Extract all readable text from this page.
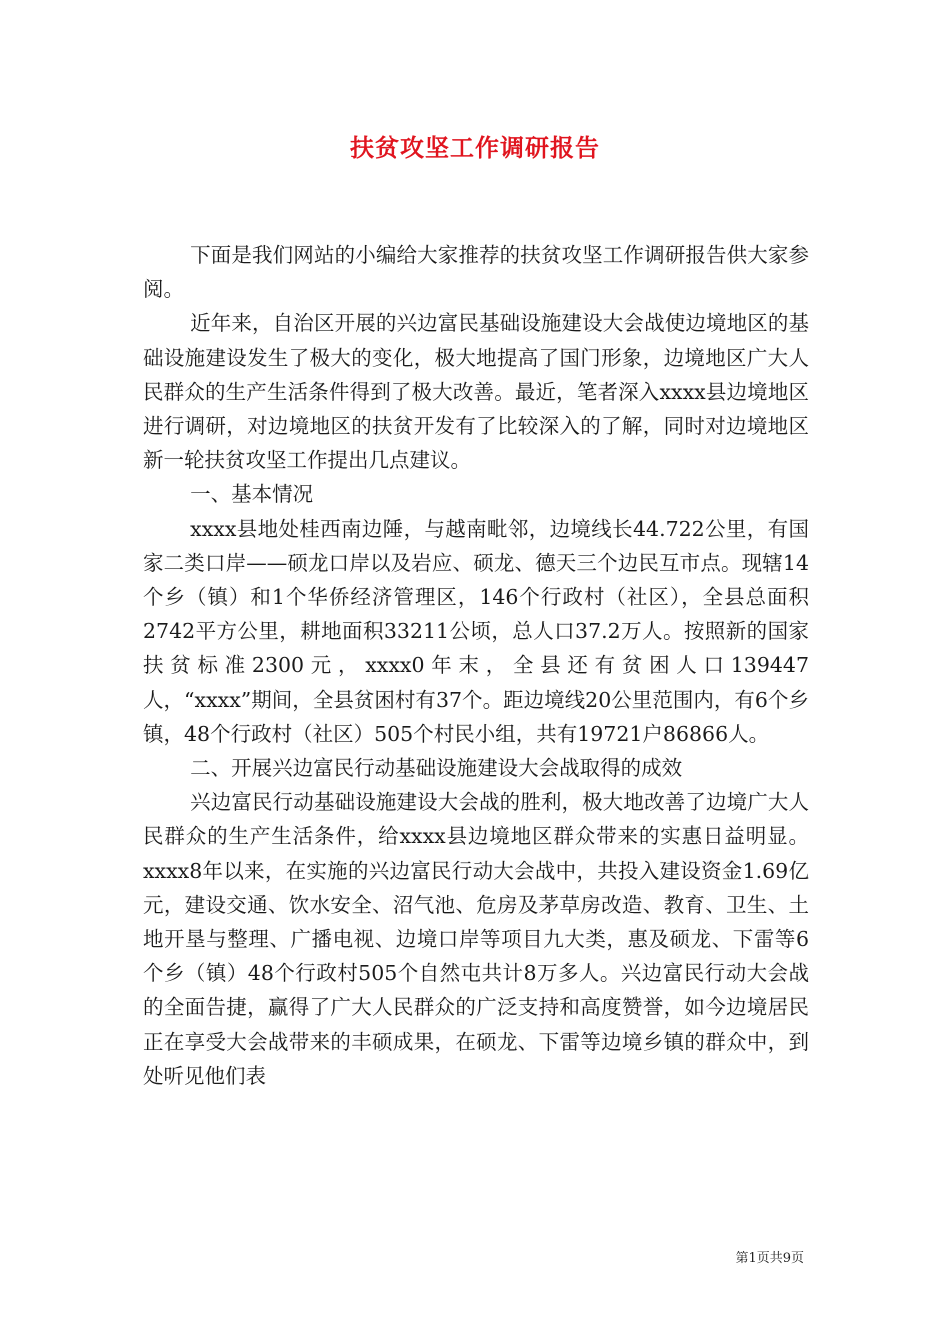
扶贫攻坚工作调研报告

下面是我们网站的小编给大家推荐的扶贫攻坚工作调研报告供大家参阅。

近年来，自治区开展的兴边富民基础设施建设大会战使边境地区的基础设施建设发生了极大的变化，极大地提高了国门形象，边境地区广大人民群众的生产生活条件得到了极大改善。最近，笔者深入xxxx县边境地区进行调研，对边境地区的扶贫开发有了比较深入的了解，同时对边境地区新一轮扶贫攻坚工作提出几点建议。

一、基本情况

xxxx县地处桂西南边陲，与越南毗邻，边境线长44.722公里，有国家二类口岸——硕龙口岸以及岩应、硕龙、德天三个边民互市点。现辖14个乡（镇）和1个华侨经济管理区，146个行政村（社区），全县总面积2742平方公里，耕地面积33211公顷，总人口37.2万人。按照新的国家扶贫标准2300元，xxxx0年末，全县还有贫困人口139447人，“xxxx”期间，全县贫困村有37个。距边境线20公里范围内，有6个乡镇，48个行政村（社区）505个村民小组，共有19721户86866人。

二、开展兴边富民行动基础设施建设大会战取得的成效

兴边富民行动基础设施建设大会战的胜利，极大地改善了边境广大人民群众的生产生活条件，给xxxx县边境地区群众带来的实惠日益明显。xxxx8年以来，在实施的兴边富民行动大会战中，共投入建设资金1.69亿元，建设交通、饮水安全、沼气池、危房及茅草房改造、教育、卫生、土地开垦与整理、广播电视、边境口岸等项目九大类，惠及硕龙、下雷等6个乡（镇）48个行政村505个自然屯共计8万多人。兴边富民行动大会战的全面告捷，赢得了广大人民群众的广泛支持和高度赞誉，如今边境居民正在享受大会战带来的丰硕成果，在硕龙、下雷等边境乡镇的群众中，到处听见他们表

第1页共9页
